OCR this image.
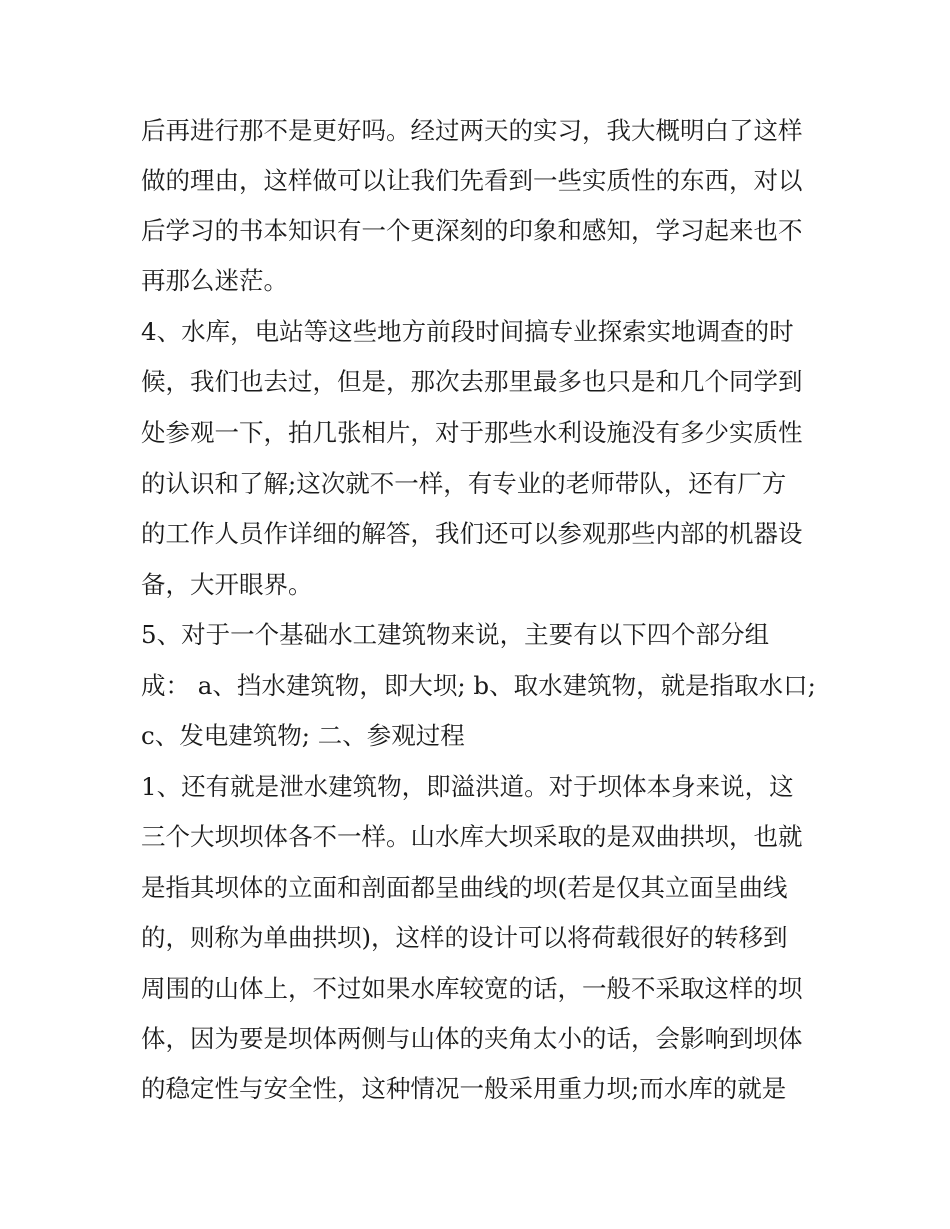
后再进行那不是更好吗。经过两天的实习，我大概明白了这样
做的理由，这样做可以让我们先看到一些实质性的东西，对以
后学习的书本知识有一个更深刻的印象和感知，学习起来也不
再那么迷茫。
4、水库，电站等这些地方前段时间搞专业探索实地调查的时
候，我们也去过，但是，那次去那里最多也只是和几个同学到
处参观一下，拍几张相片，对于那些水利设施没有多少实质性
的认识和了解;这次就不一样，有专业的老师带队，还有厂方
的工作人员作详细的解答，我们还可以参观那些内部的机器设
备，大开眼界。
5、对于一个基础水工建筑物来说，主要有以下四个部分组
成： a、挡水建筑物，即大坝; b、取水建筑物，就是指取水口;
c、发电建筑物; 二、参观过程
1、还有就是泄水建筑物，即溢洪道。对于坝体本身来说，这
三个大坝坝体各不一样。山水库大坝采取的是双曲拱坝，也就
是指其坝体的立面和剖面都呈曲线的坝(若是仅其立面呈曲线
的，则称为单曲拱坝)，这样的设计可以将荷载很好的转移到
周围的山体上，不过如果水库较宽的话，一般不采取这样的坝
体，因为要是坝体两侧与山体的夹角太小的话，会影响到坝体
的稳定性与安全性，这种情况一般采用重力坝;而水库的就是
